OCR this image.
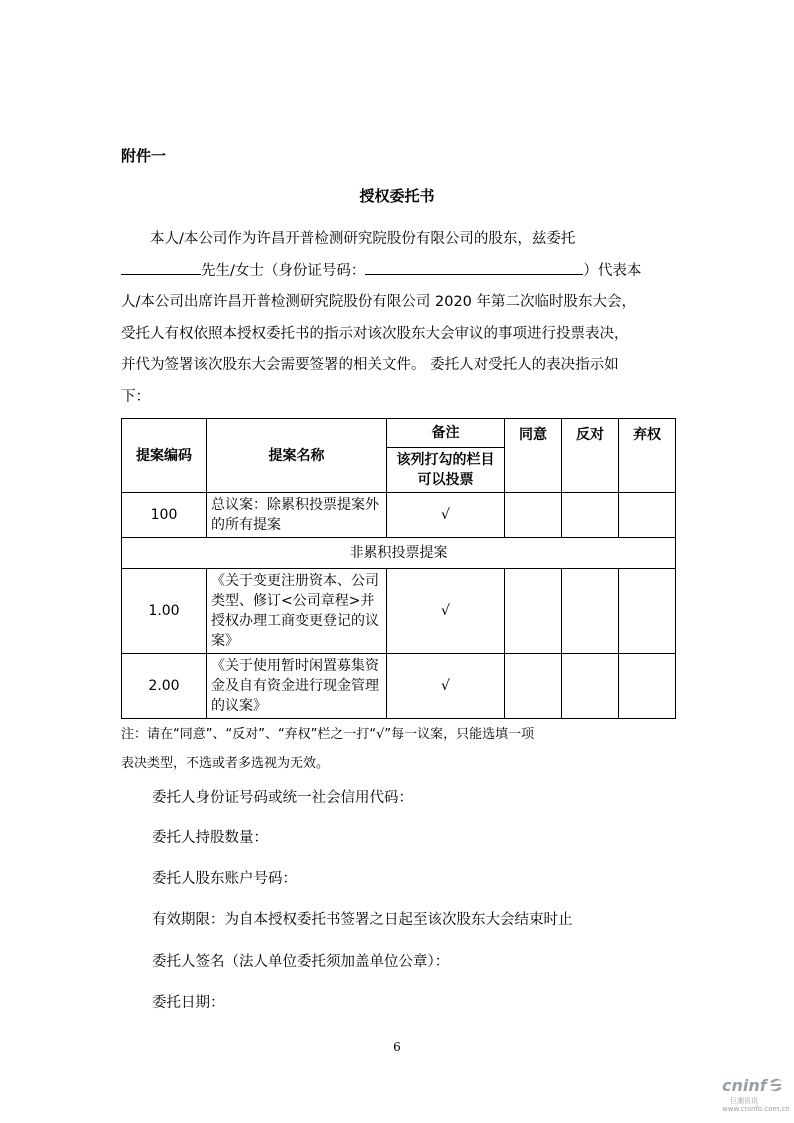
附件一
授权委托书
本人/本公司作为许昌开普检测研究院股份有限公司的股东，兹委托
先生/女士（身份证号码：	）代表本
人/本公司出席许昌开普检测研究院股份有限公司 2020 年第二次临时股东大会，
受托人有权依照本授权委托书的指示对该次股东大会审议的事项进行投票表决，
并代为签署该次股东大会需要签署的相关文件。 委托人对受托人的表决指示如
下：
提案编码	提案名称	备注	同意	反对	弃权
		该列打勾的栏目可以投票			
100	总议案：除累积投票提案外的所有提案	√			
非累积投票提案					
1.00	《关于变更注册资本、公司类型、修订<公司章程>并授权办理工商变更登记的议案》	√			
2.00	《关于使用暂时闲置募集资金及自有资金进行现金管理的议案》	√			
注：请在“同意”、“反对”、“弃权”栏之一打“√”每一议案，只能选填一项
表决类型，不选或者多选视为无效。
委托人身份证号码或统一社会信用代码：
委托人持股数量：
委托人股东账户号码：
有效期限：为自本授权委托书签署之日起至该次股东大会结束时止
委托人签名（法人单位委托须加盖单位公章）：
委托日期：
6
cninf
巨潮资讯
www.cninfo.com.cn
